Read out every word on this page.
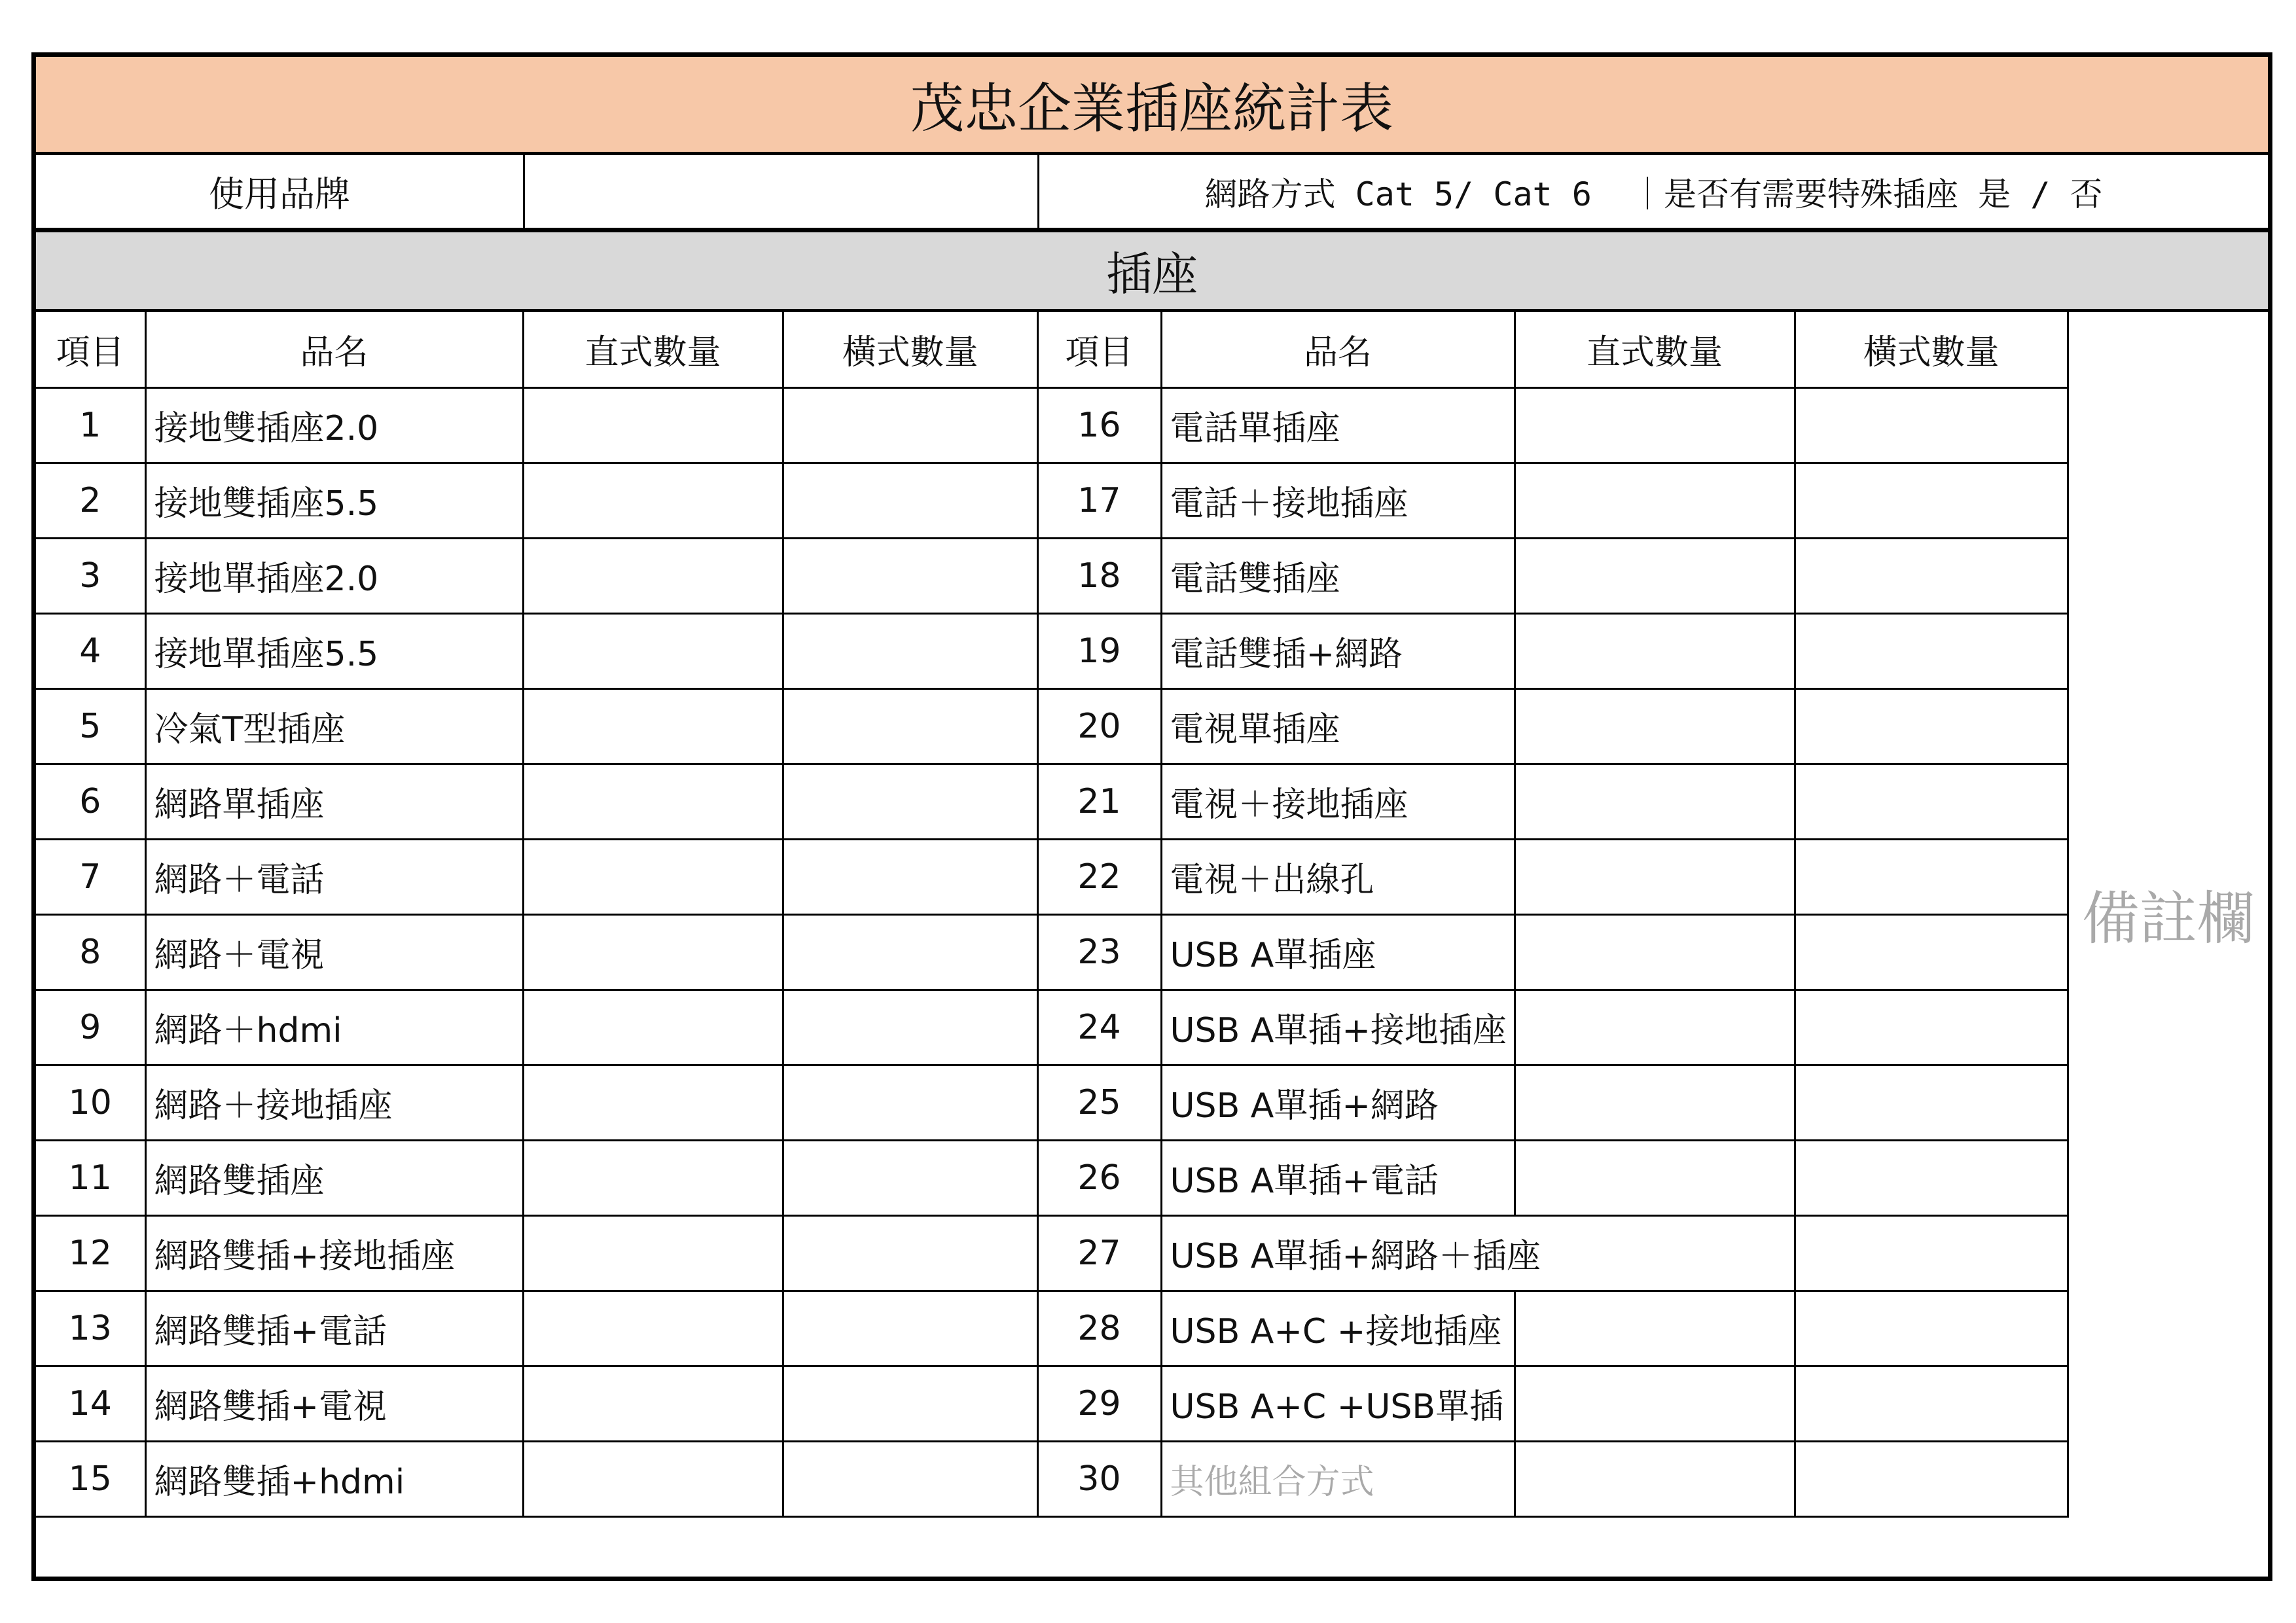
茂忠企業插座統計表
使用品牌	網路方式 Cat 5/ Cat 6  ｜是否有需要特殊插座 是 / 否
插座
項目	品名	直式數量	橫式數量	項目	品名	直式數量	橫式數量	備註欄
1	接地雙插座2.0			16	電話單插座			
2	接地雙插座5.5			17	電話＋接地插座			
3	接地單插座2.0			18	電話雙插座			
4	接地單插座5.5			19	電話雙插+網路			
5	冷氣T型插座			20	電視單插座			
6	網路單插座			21	電視＋接地插座			
7	網路＋電話			22	電視＋出線孔			
8	網路＋電視			23	USB A單插座			
9	網路＋hdmi			24	USB A單插+接地插座			
10	網路＋接地插座			25	USB A單插+網路			
11	網路雙插座			26	USB A單插+電話			
12	網路雙插+接地插座			27	USB A單插+網路＋插座			
13	網路雙插+電話			28	USB A+C +接地插座			
14	網路雙插+電視			29	USB A+C +USB單插			
15	網路雙插+hdmi			30	其他組合方式			
